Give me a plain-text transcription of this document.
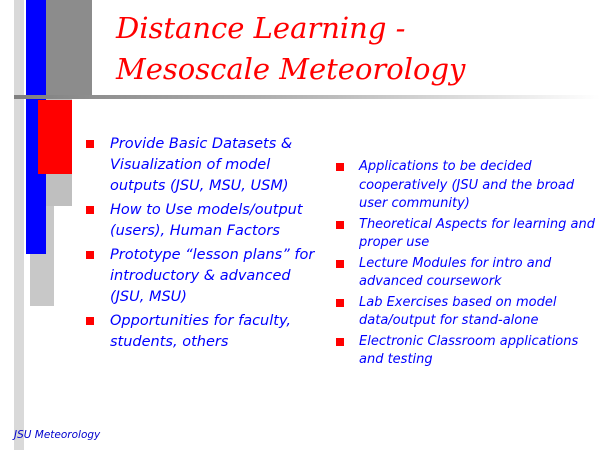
Distance Learning -
Mesoscale Meteorology
Provide Basic Datasets & Visualization of model outputs (JSU, MSU, USM)
How to Use models/output (users), Human Factors
Prototype “lesson plans” for introductory & advanced (JSU, MSU)
Opportunities for faculty, students, others
Applications to be decided cooperatively (JSU and the broad user community)
Theoretical Aspects for learning and proper use
Lecture Modules for intro and advanced coursework
Lab Exercises based on model data/output for stand-alone
Electronic Classroom applications and testing
JSU Meteorology
